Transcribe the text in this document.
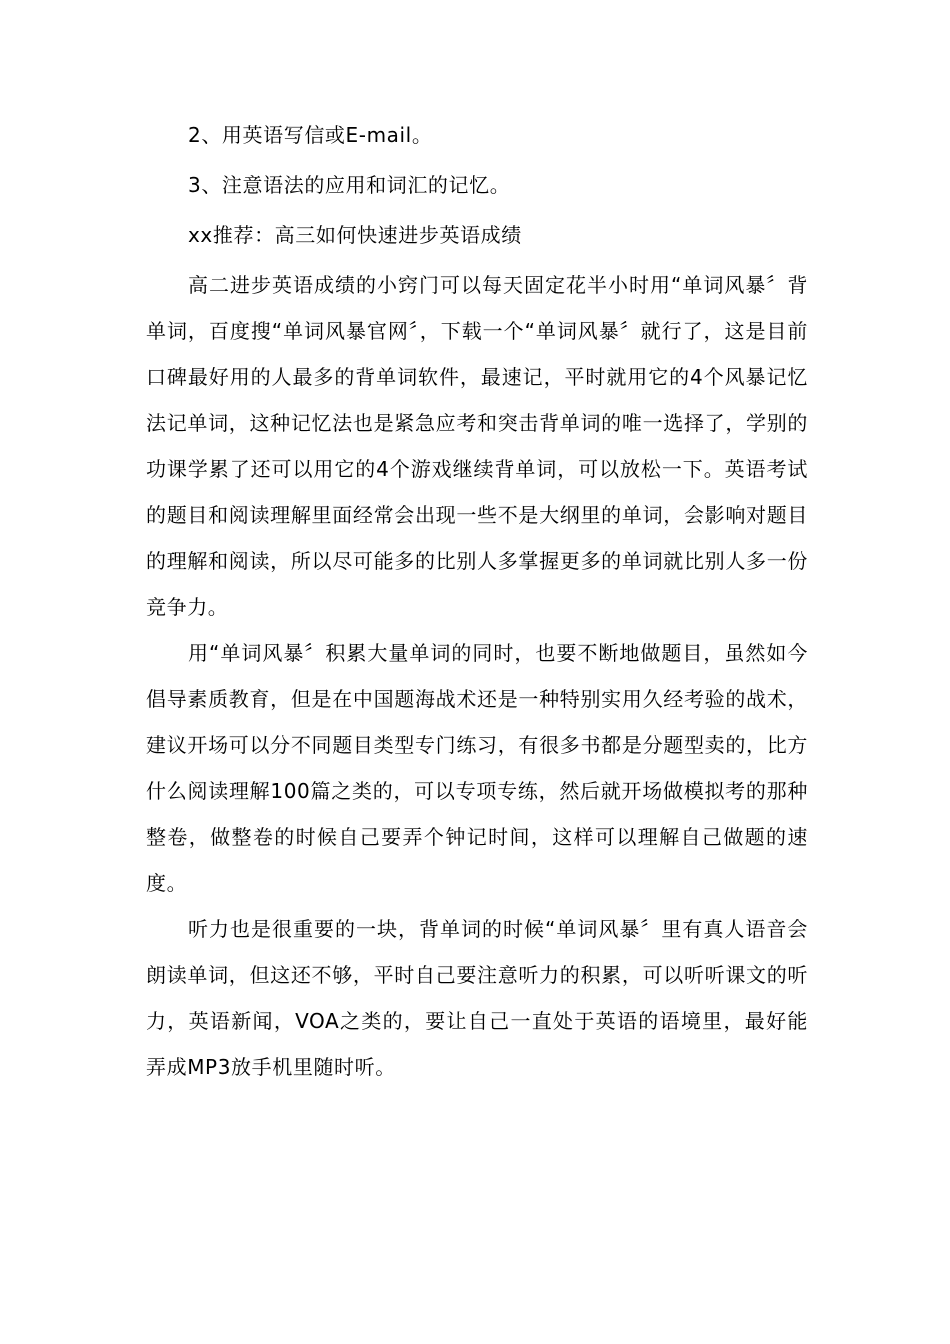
2、用英语写信或E-mail。

3、注意语法的应用和词汇的记忆。

xx推荐：高三如何快速进步英语成绩

高二进步英语成绩的小窍门可以每天固定花半小时用“单词风暴〞背单词，百度搜“单词风暴官网〞，下载一个“单词风暴〞就行了，这是目前口碑最好用的人最多的背单词软件，最速记，平时就用它的4个风暴记忆法记单词，这种记忆法也是紧急应考和突击背单词的唯一选择了，学别的功课学累了还可以用它的4个游戏继续背单词，可以放松一下。英语考试的题目和阅读理解里面经常会出现一些不是大纲里的单词，会影响对题目的理解和阅读，所以尽可能多的比别人多掌握更多的单词就比别人多一份竞争力。

用“单词风暴〞积累大量单词的同时，也要不断地做题目，虽然如今倡导素质教育，但是在中国题海战术还是一种特别实用久经考验的战术，建议开场可以分不同题目类型专门练习，有很多书都是分题型卖的，比方什么阅读理解100篇之类的，可以专项专练，然后就开场做模拟考的那种整卷，做整卷的时候自己要弄个钟记时间，这样可以理解自己做题的速度。

听力也是很重要的一块，背单词的时候“单词风暴〞里有真人语音会朗读单词，但这还不够，平时自己要注意听力的积累，可以听听课文的听力，英语新闻，VOA之类的，要让自己一直处于英语的语境里，最好能弄成MP3放手机里随时听。
